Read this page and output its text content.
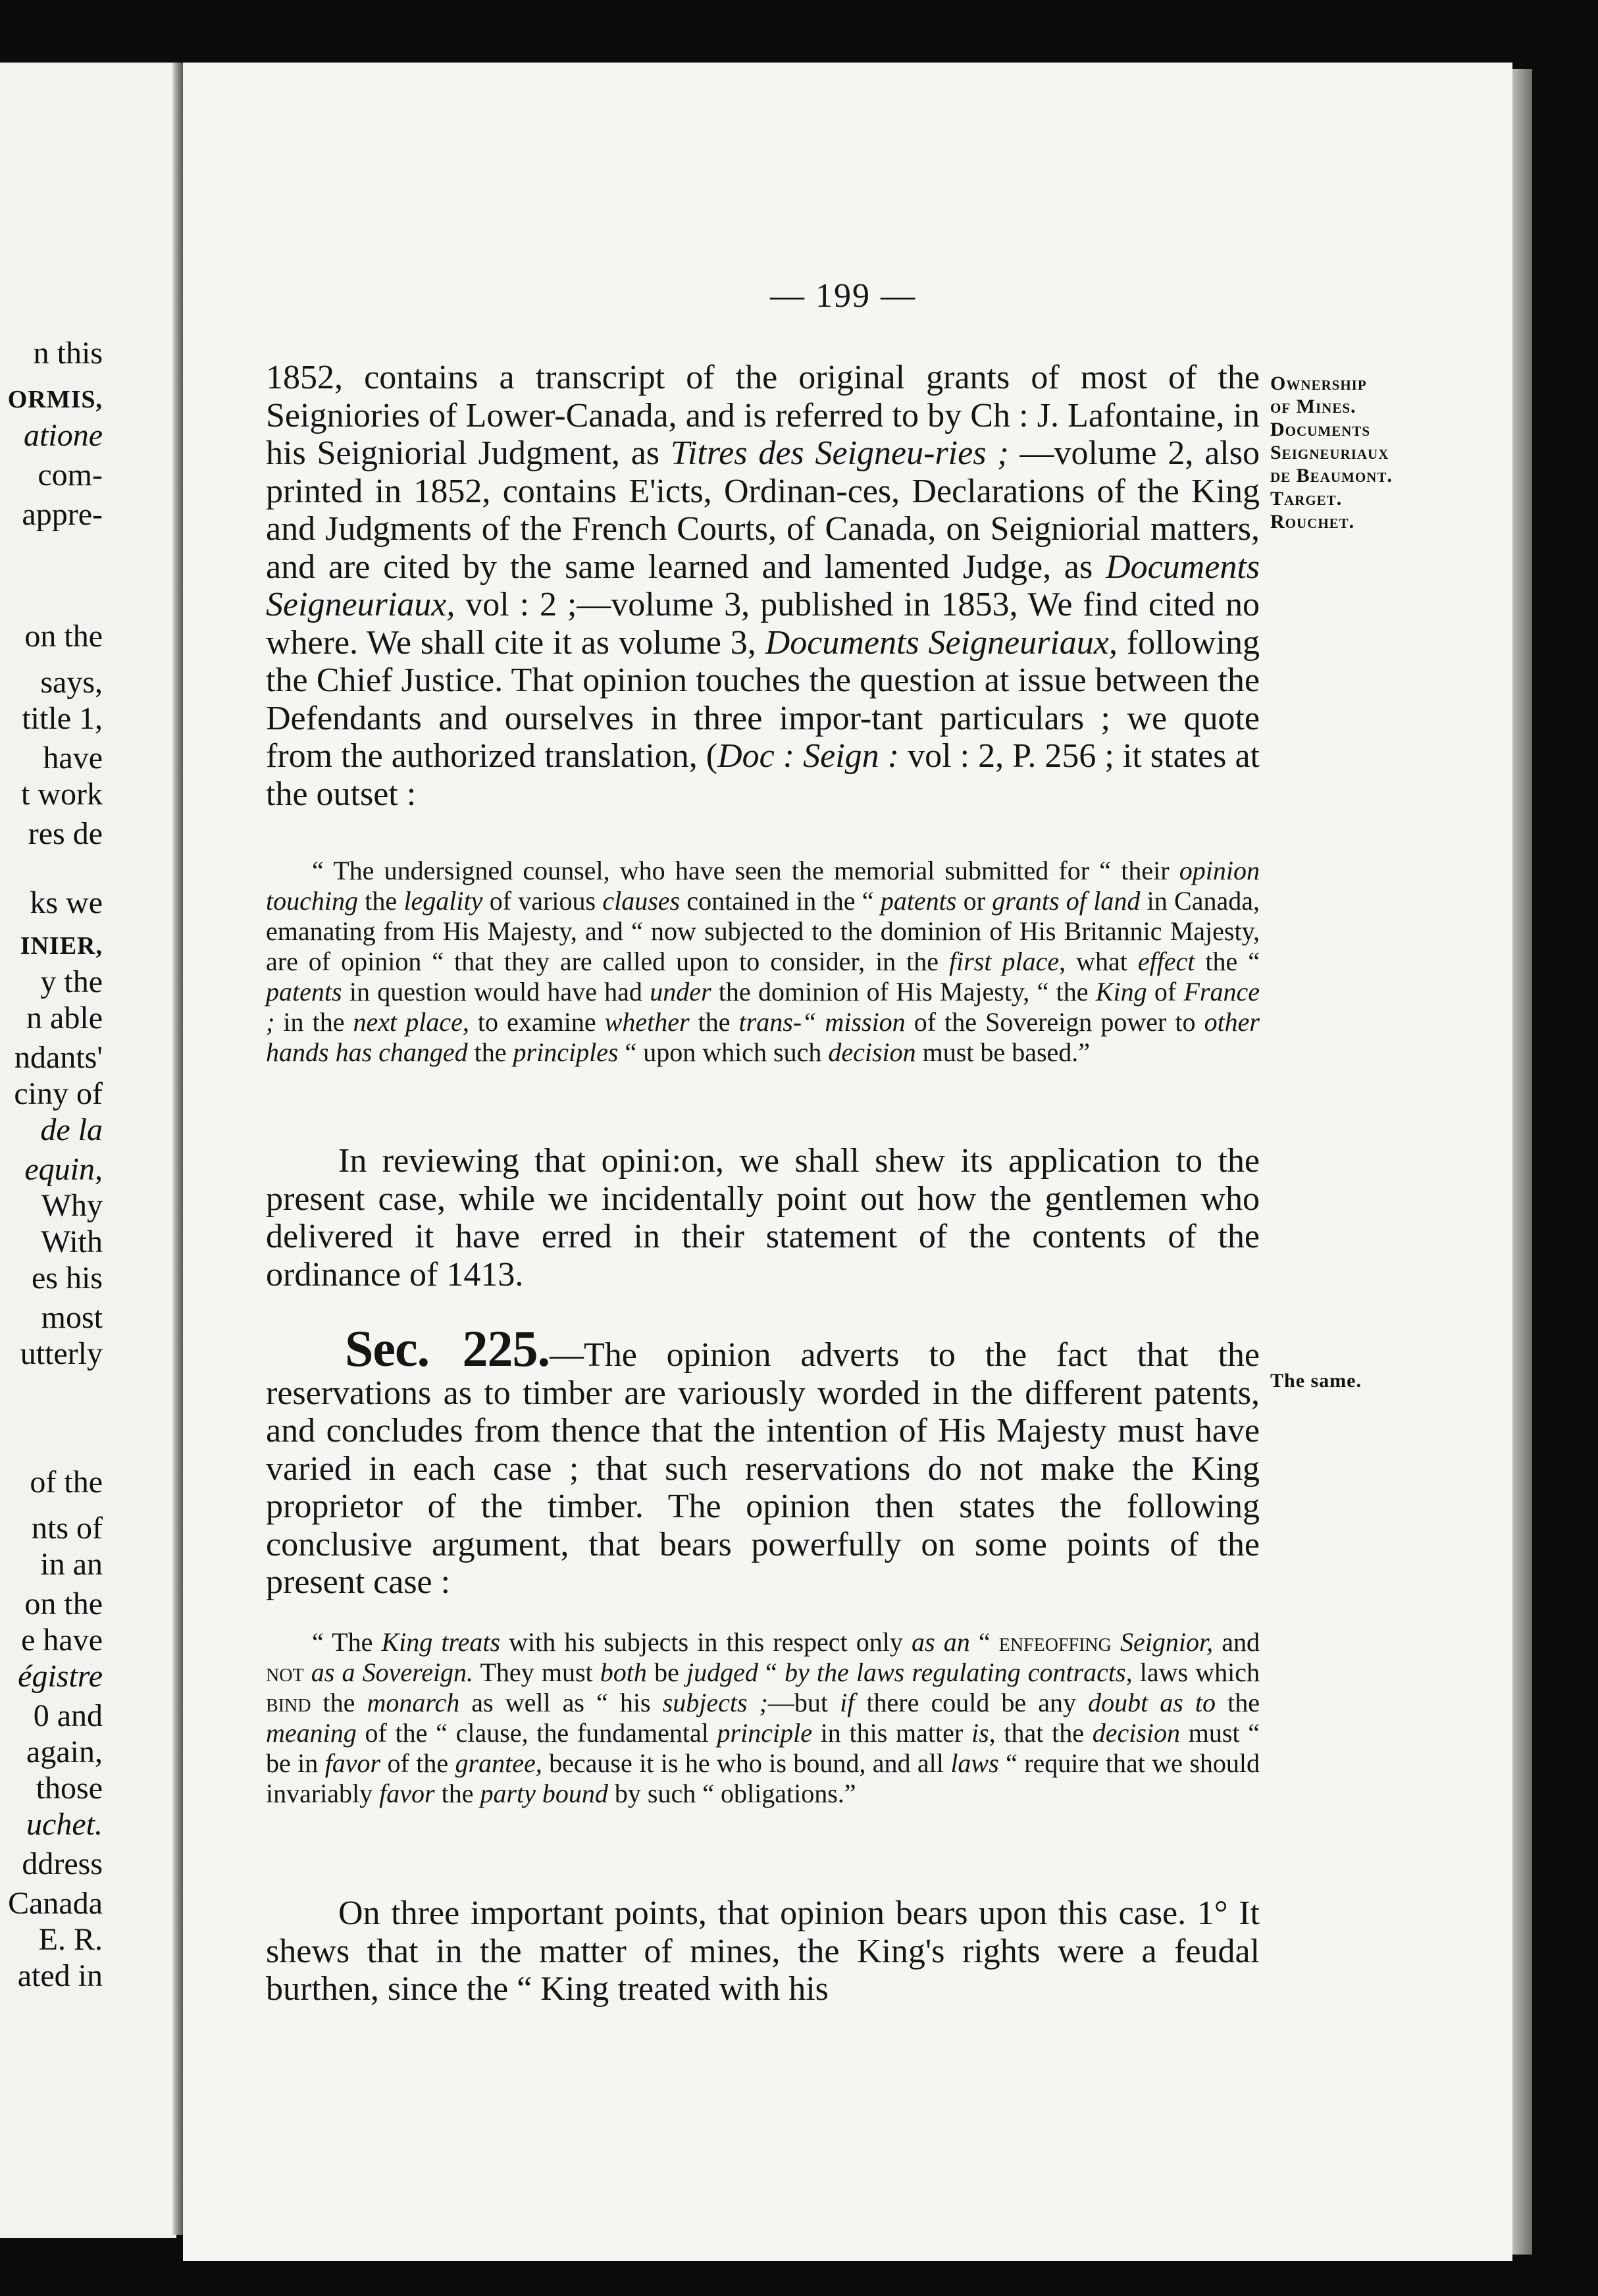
n this
ORMIS,
atione
com-
appre-
on the
says,
title 1,
have
t work
res de
ks we
INIER,
y the
n able
ndants'
ciny of
de la
equin,
Why
With
es his
most
utterly
of the
nts of
in an
on the
e have
égistre
0 and
again,
those
uchet.
ddress
Canada
E. R.
ated in
— 199 —
Ownership
of Mines.
Documents
Seigneuriaux
de Beaumont.
Target.
Rouchet.
The same.

1852, contains a transcript of the original grants of most of the Seigniories of Lower-Canada, and is referred to by Ch : J. Lafontaine, in his Seigniorial Judgment, as Titres des Seigneu-ries ; —volume 2, also printed in 1852, contains E'icts, Ordinan-ces, Declarations of the King and Judgments of the French Courts, of Canada, on Seigniorial matters, and are cited by the same learned and lamented Judge, as Documents Seigneuriaux, vol : 2 ;—volume 3, published in 1853, We find cited no where. We shall cite it as volume 3, Documents Seigneuriaux, following the Chief Justice. That opinion touches the question at issue between the Defendants and ourselves in three impor-tant particulars ; we quote from the authorized translation, (Doc : Seign : vol : 2, P. 256 ; it states at the outset :

“ The undersigned counsel, who have seen the memorial submitted for “ their opinion touching the legality of various clauses contained in the “ patents or grants of land in Canada, emanating from His Majesty, and “ now subjected to the dominion of His Britannic Majesty, are of opinion “ that they are called upon to consider, in the first place, what effect the “ patents in question would have had under the dominion of His Majesty, “ the King of France ; in the next place, to examine whether the trans-“ mission of the Sovereign power to other hands has changed the principles “ upon which such decision must be based.”

In reviewing that opini:on, we shall shew its application to the present case, while we incidentally point out how the gentlemen who delivered it have erred in their statement of the contents of the ordinance of 1413.

Sec. 225.—The opinion adverts to the fact that the reservations as to timber are variously worded in the different patents, and concludes from thence that the intention of His Majesty must have varied in each case ; that such reservations do not make the King proprietor of the timber. The opinion then states the following conclusive argument, that bears powerfully on some points of the present case :

“ The King treats with his subjects in this respect only as an “ enfeoffing Seignior, and not as a Sovereign. They must both be judged “ by the laws regulating contracts, laws which bind the monarch as well as “ his subjects ;—but if there could be any doubt as to the meaning of the “ clause, the fundamental principle in this matter is, that the decision must “ be in favor of the grantee, because it is he who is bound, and all laws “ require that we should invariably favor the party bound by such “ obligations.”

On three important points, that opinion bears upon this case. 1° It shews that in the matter of mines, the King's rights were a feudal burthen, since the “ King treated with his
